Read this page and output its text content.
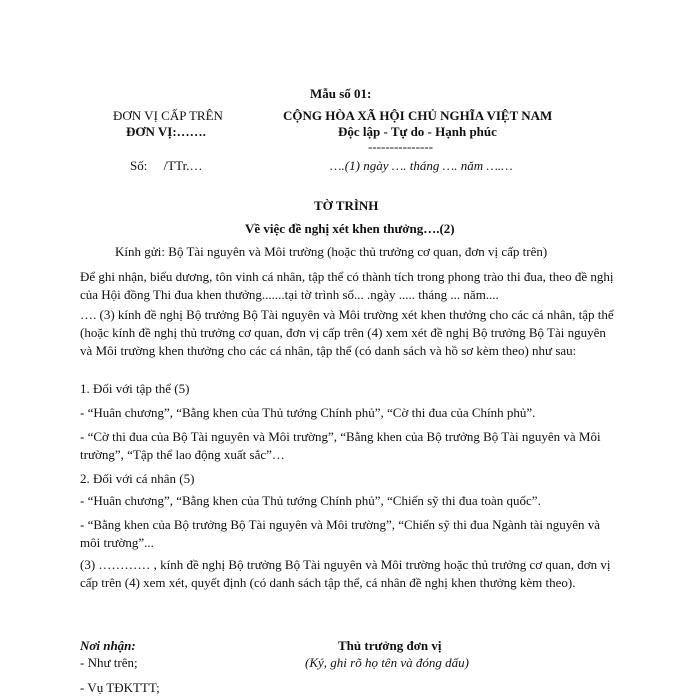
Mẫu số 01:
ĐƠN VỊ CẤP TRÊN
ĐƠN VỊ:…….
CỘNG HÒA XÃ HỘI CHỦ NGHĨA VIỆT NAM
Độc lập - Tự do - Hạnh phúc
---------------
Số:     /TTr.…	….(1) ngày …. tháng …. năm ….…
TỜ TRÌNH
Về việc đề nghị xét khen thưởng….(2)
Kính gửi: Bộ Tài nguyên và Môi trường (hoặc thủ trưởng cơ quan, đơn vị cấp trên)
Để ghi nhận, biểu dương, tôn vinh cá nhân, tập thể có thành tích trong phong trào thi đua, theo đề nghị của Hội đồng Thi đua khen thưởng.......tại tờ trình số... .ngày ..... tháng ... năm....
…. (3) kính đề nghị Bộ trưởng Bộ Tài nguyên và Môi trường xét khen thưởng cho các cá nhân, tập thể (hoặc kính đề nghị thủ trưởng cơ quan, đơn vị cấp trên (4) xem xét đề nghị Bộ trưởng Bộ Tài nguyên và Môi trường khen thưởng cho các cá nhân, tập thể (có danh sách và hồ sơ kèm theo) như sau:
1. Đối với tập thể (5)
- “Huân chương”, “Bằng khen của Thủ tướng Chính phủ”, “Cờ thi đua của Chính phủ”.
- “Cờ thi đua của Bộ Tài nguyên và Môi trường”, “Bằng khen của Bộ trưởng Bộ Tài nguyên và Môi trường”, “Tập thể lao động xuất sắc”…
2. Đối với cá nhân (5)
- “Huân chương”, “Bằng khen của Thủ tướng Chính phủ”, “Chiến sỹ thi đua toàn quốc”.
- “Bằng khen của Bộ trưởng Bộ Tài nguyên và Môi trường”, “Chiến sỹ thi đua Ngành tài nguyên và môi trường”...
(3) ………… , kính đề nghị Bộ trưởng Bộ Tài nguyên và Môi trường hoặc thủ trưởng cơ quan, đơn vị cấp trên (4) xem xét, quyết định (có danh sách tập thể, cá nhân đề nghị khen thưởng kèm theo).
Nơi nhận:
- Như trên;
- Vụ TĐKTTT;
Thủ trưởng đơn vị
(Ký, ghi rõ họ tên và đóng dấu)
